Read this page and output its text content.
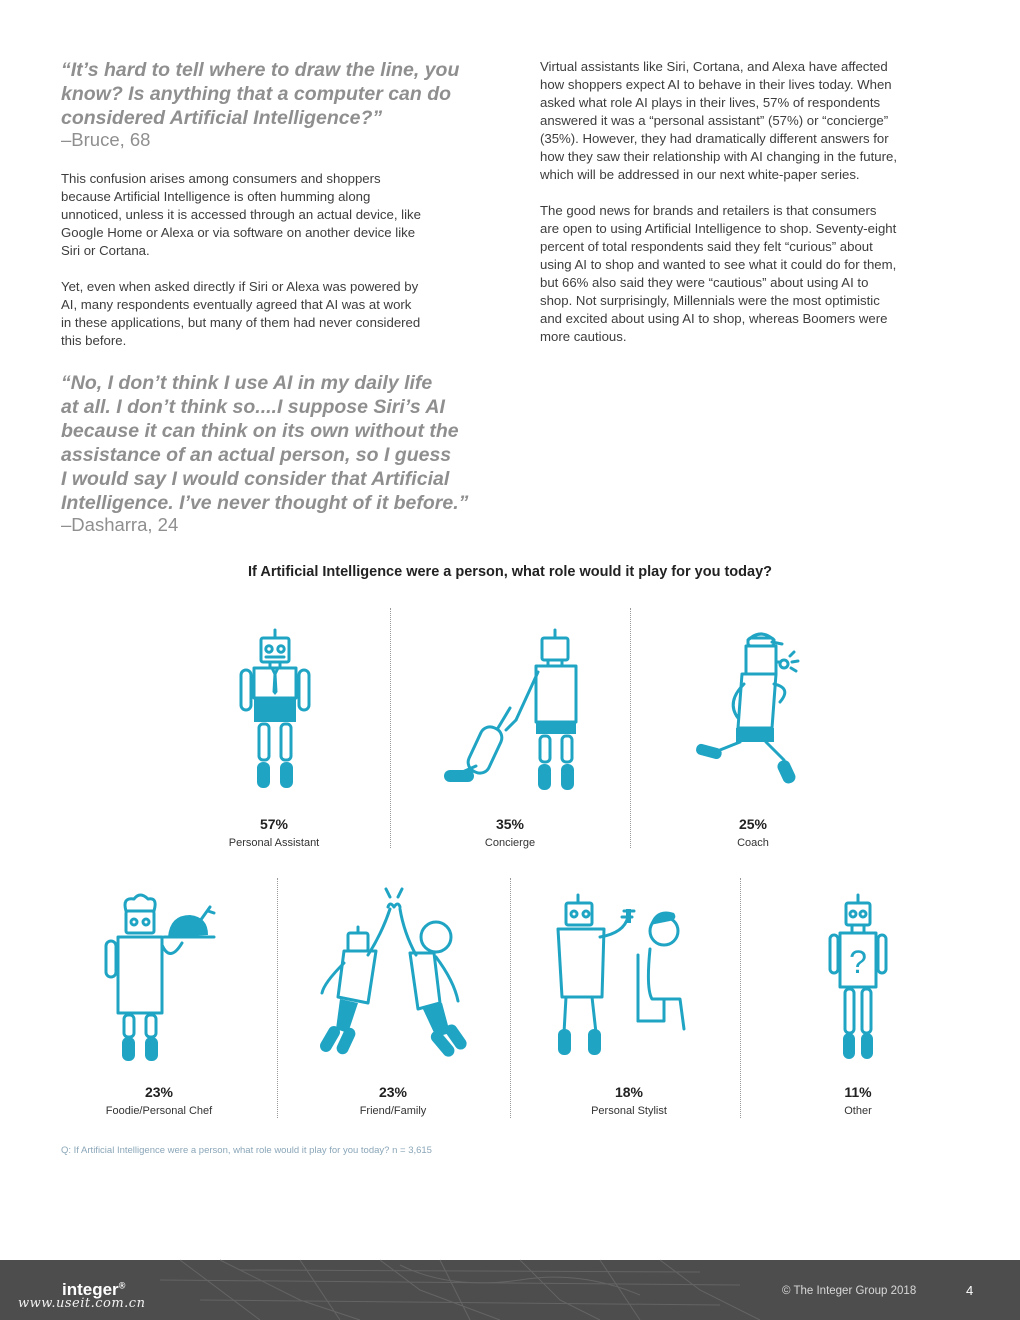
“It’s hard to tell where to draw the line, you
know? Is anything that a computer can do
considered Artificial Intelligence?”
–Bruce, 68

This confusion arises among consumers and shoppers

because Artificial Intelligence is often humming along

unnoticed, unless it is accessed through an actual device, like

Google Home or Alexa or via software on another device like

Siri or Cortana.

Yet, even when asked directly if Siri or Alexa was powered by

AI, many respondents eventually agreed that AI was at work

in these applications, but many of them had never considered

this before.

“No, I don’t think I use AI in my daily life
at all. I don’t think so....I suppose Siri’s AI
because it can think on its own without the
assistance of an actual person, so I guess
I would say I would consider that Artificial
Intelligence. I’ve never thought of it before.”
–Dasharra, 24

Virtual assistants like Siri, Cortana, and Alexa have affected

how shoppers expect AI to behave in their lives today. When

asked what role AI plays in their lives, 57% of respondents

answered it was a “personal assistant” (57%) or “concierge”

(35%). However, they had dramatically different answers for

how they saw their relationship with AI changing in the future,

which will be addressed in our next white-paper series.

The good news for brands and retailers is that consumers

are open to using Artificial Intelligence to shop. Seventy-eight

percent of total respondents said they felt “curious” about

using AI to shop and wanted to see what it could do for them,

but 66% also said they were “cautious” about using AI to

shop. Not surprisingly, Millennials were the most optimistic

and excited about using AI to shop, whereas Boomers were

more cautious.

If Artificial Intelligence were a person, what role would it play for you today?
?
57%
Personal Assistant
35%
Concierge
25%
Coach
23%
Foodie/Personal Chef
23%
Friend/Family
18%
Personal Stylist
11%
Other
Q: If Artificial Intelligence were a person, what role would it play for you today? n = 3,615
integer®
www.useit.com.cn
© The Integer Group 2018	4
